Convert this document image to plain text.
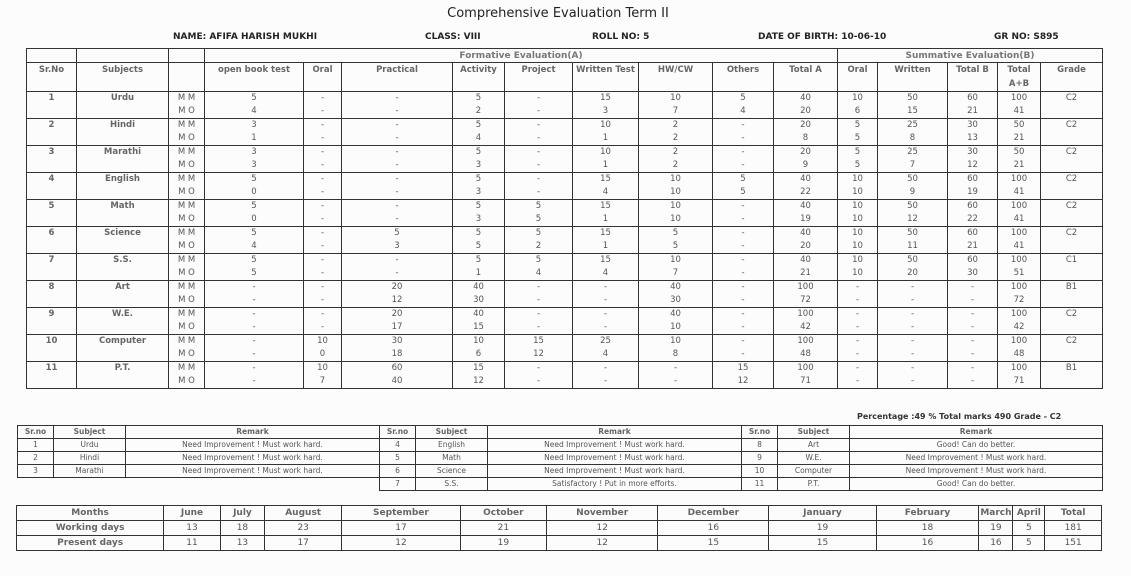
Comprehensive Evaluation Term II
NAME: AFIFA HARISH MUKHI	CLASS: VIII	ROLL NO: 5	DATE OF BIRTH: 10-06-10	GR NO: S895
			Formative Evaluation(A)									Summative Evaluation(B)				
Sr.No	Subjects		open book test	Oral	Practical	Activity	Project	Written Test	HW/CW	Others	Total A	Oral	Written	Total B	Total A+B	Grade
1	Urdu	M M	5	-	-	5	-	15	10	5	40	10	50	60	100	C2
		M O	4	-	-	2	-	3	7	4	20	6	15	21	41	
2	Hindi	M M	3	-	-	5	-	10	2	-	20	5	25	30	50	C2
		M O	1	-	-	4	-	1	2	-	8	5	8	13	21	
3	Marathi	M M	3	-	-	5	-	10	2	-	20	5	25	30	50	C2
		M O	3	-	-	3	-	1	2	-	9	5	7	12	21	
4	English	M M	5	-	-	5	-	15	10	5	40	10	50	60	100	C2
		M O	0	-	-	3	-	4	10	5	22	10	9	19	41	
5	Math	M M	5	-	-	5	5	15	10	-	40	10	50	60	100	C2
		M O	0	-	-	3	5	1	10	-	19	10	12	22	41	
6	Science	M M	5	-	5	5	5	15	5	-	40	10	50	60	100	C2
		M O	4	-	3	5	2	1	5	-	20	10	11	21	41	
7	S.S.	M M	5	-	-	5	5	15	10	-	40	10	50	60	100	C1
		M O	5	-	-	1	4	4	7	-	21	10	20	30	51	
8	Art	M M	-	-	20	40	-	-	40	-	100	-	-	-	100	B1
		M O	-	-	12	30	-	-	30	-	72	-	-	-	72	
9	W.E.	M M	-	-	20	40	-	-	40	-	100	-	-	-	100	C2
		M O	-	-	17	15	-	-	10	-	42	-	-	-	42	
10	Computer	M M	-	10	30	10	15	25	10	-	100	-	-	-	100	C2
		M O	-	0	18	6	12	4	8	-	48	-	-	-	48	
11	P.T.	M M	-	10	60	15	-	-	-	15	100	-	-	-	100	B1
		M O	-	7	40	12	-	-	-	12	71	-	-	-	71	
Percentage :49 % Total marks 490 Grade - C2
Sr.no	Subject	Remark
1	Urdu	Need Improvement ! Must work hard.
2	Hindi	Need Improvement ! Must work hard.
3	Marathi	Need Improvement ! Must work hard.
Sr.no	Subject	Remark
4	English	Need Improvement ! Must work hard.
5	Math	Need Improvement ! Must work hard.
6	Science	Need Improvement ! Must work hard.
7	S.S.	Satisfactory ! Put in more efforts.
Sr.no	Subject	Remark
8	Art	Good! Can do better.
9	W.E.	Need Improvement ! Must work hard.
10	Computer	Need Improvement ! Must work hard.
11	P.T.	Good! Can do better.
Months	June	July	August	September	October	November	December	January	February	March	April	Total
Working days	13	18	23	17	21	12	16	19	18	19	5	181
Present days	11	13	17	12	19	12	15	15	16	16	5	151
